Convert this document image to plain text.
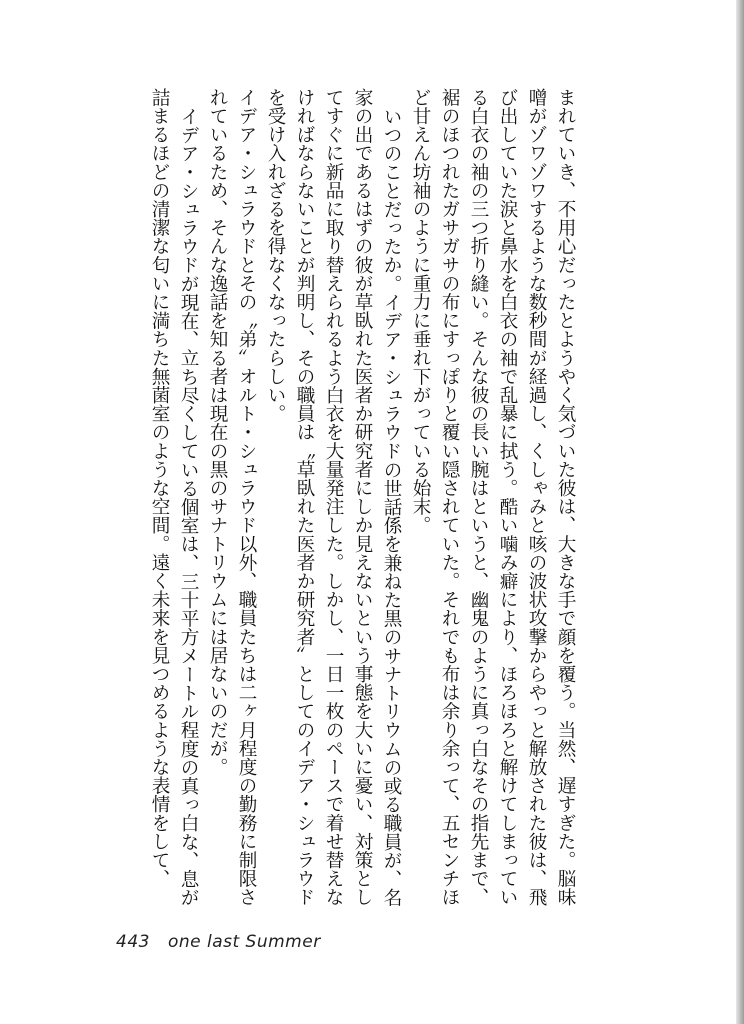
まれていき、不用心だったとようやく気づいた彼は、大きな手で顔を覆う。当然、遅すぎた。脳味噌がゾワゾワするような数秒間が経過し、くしゃみと咳の波状攻撃からやっと解放された彼は、飛び出していた涙と鼻水を白衣の袖で乱暴に拭う。酷い噛み癖により、ほろほろと解けてしまっている白衣の袖の三つ折り縫い。そんな彼の長い腕はというと、幽鬼のように真っ白なその指先まで、裾のほつれたガサガサの布にすっぽりと覆い隠されていた。それでも布は余り余って、五センチほど甘えん坊袖のように重力に垂れ下がっている始末。

いつのことだったか。イデア・シュラウドの世話係を兼ねた黒のサナトリウムの或る職員が、名家の出であるはずの彼が草臥れた医者か研究者にしか見えないという事態を大いに憂い、対策としてすぐに新品に取り替えられるよう白衣を大量発注した。しかし、一日一枚のペースで着せ替えなければならないことが判明し、その職員は〝草臥れた医者か研究者〟としてのイデア・シュラウドを受け入れざるを得なくなったらしい。

イデア・シュラウドとその〝弟〟オルト・シュラウド以外、職員たちは二ヶ月程度の勤務に制限されているため、そんな逸話を知る者は現在の黒のサナトリウムには居ないのだが。

イデア・シュラウドが現在、立ち尽くしている個室は、三十平方メートル程度の真っ白な、息が詰まるほどの清潔な匂いに満ちた無菌室のような空間。遠く未来を見つめるような表情をして、

443 one last Summer
